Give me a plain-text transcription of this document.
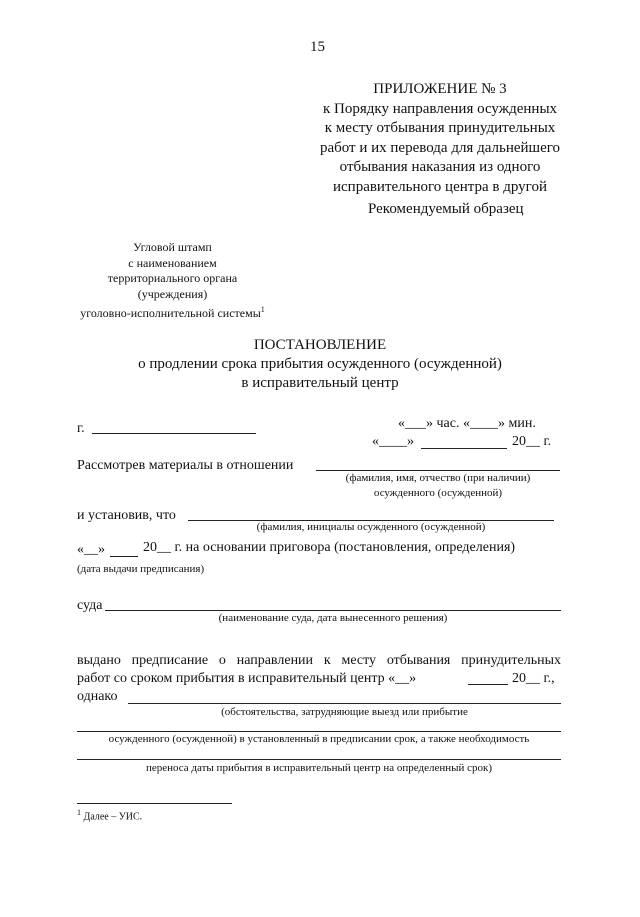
15
ПРИЛОЖЕНИЕ № 3
к Порядку направления осужденных
к месту отбывания принудительных
работ и их перевода для дальнейшего
отбывания наказания из одного
исправительного центра в другой
Рекомендуемый образец
Угловой штамп
с наименованием
территориального органа
(учреждения)
уголовно-исполнительной системы$^1$
ПОСТАНОВЛЕНИЕ
о продлении срока прибытия осужденного (осужденной)
в исправительный центр
г.	«___» час. «____» мин.
«____»	20__ г.
Рассмотрев материалы в отношении
(фамилия, имя, отчество (при наличии)
осужденного (осужденной)
и установив, что
(фамилия, инициалы осужденного (осужденной)
«__»	20__ г. на основании приговора (постановления, определения)
(дата выдачи предписания)
суда
(наименование суда, дата вынесенного решения)
выдано предписание о направлении к месту отбывания принудительных
работ со сроком прибытия в исправительный центр «__»	20__ г.,
однако
(обстоятельства, затрудняющие выезд или прибытие
осужденного (осужденной) в установленный в предписании срок, а также необходимость
переноса даты прибытия в исправительный центр на определенный срок)
$^1$ Далее – УИС.
